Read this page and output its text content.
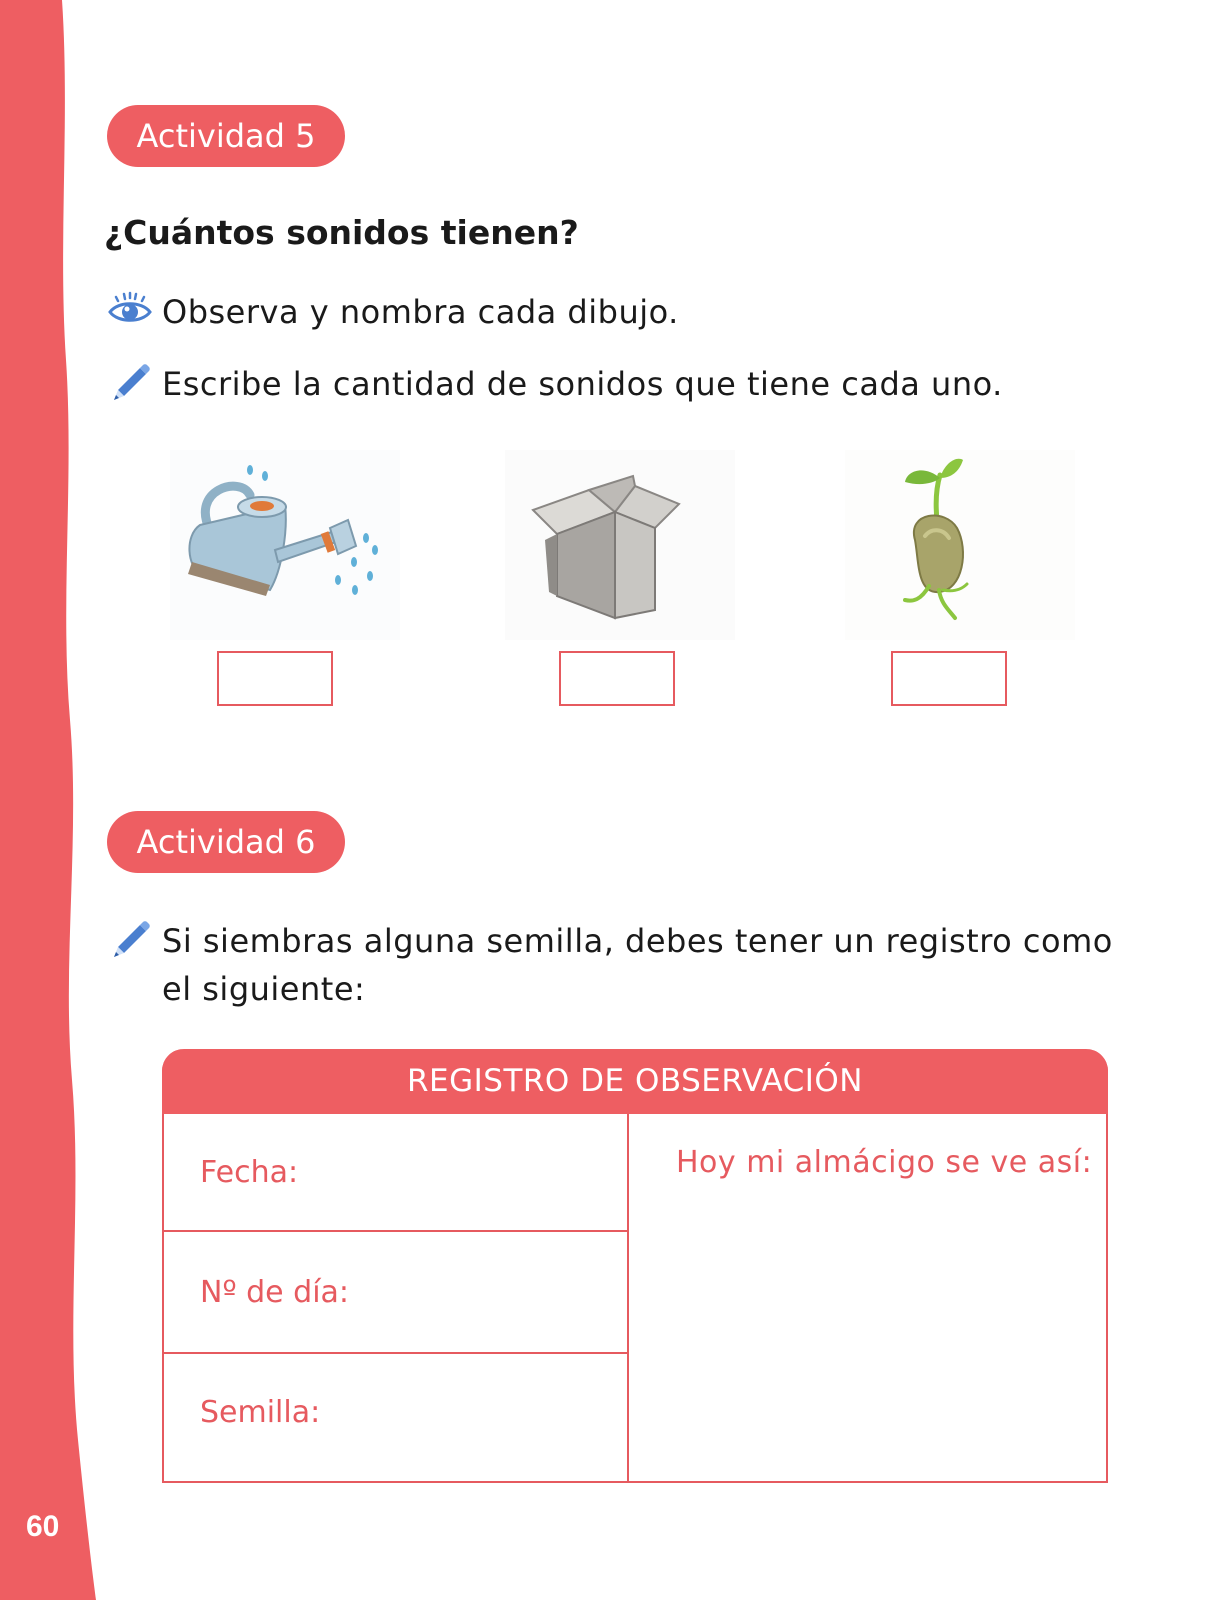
60
Actividad 5
¿Cuántos sonidos tienen?
Observa y nombra cada dibujo.
Escribe la cantidad de sonidos que tiene cada uno.
Actividad 6
Si siembras alguna semilla, debes tener un registro como
el siguiente:
REGISTRO DE OBSERVACIÓN
Fecha:
Nº de día:
Semilla:
Hoy mi almácigo se ve así:
